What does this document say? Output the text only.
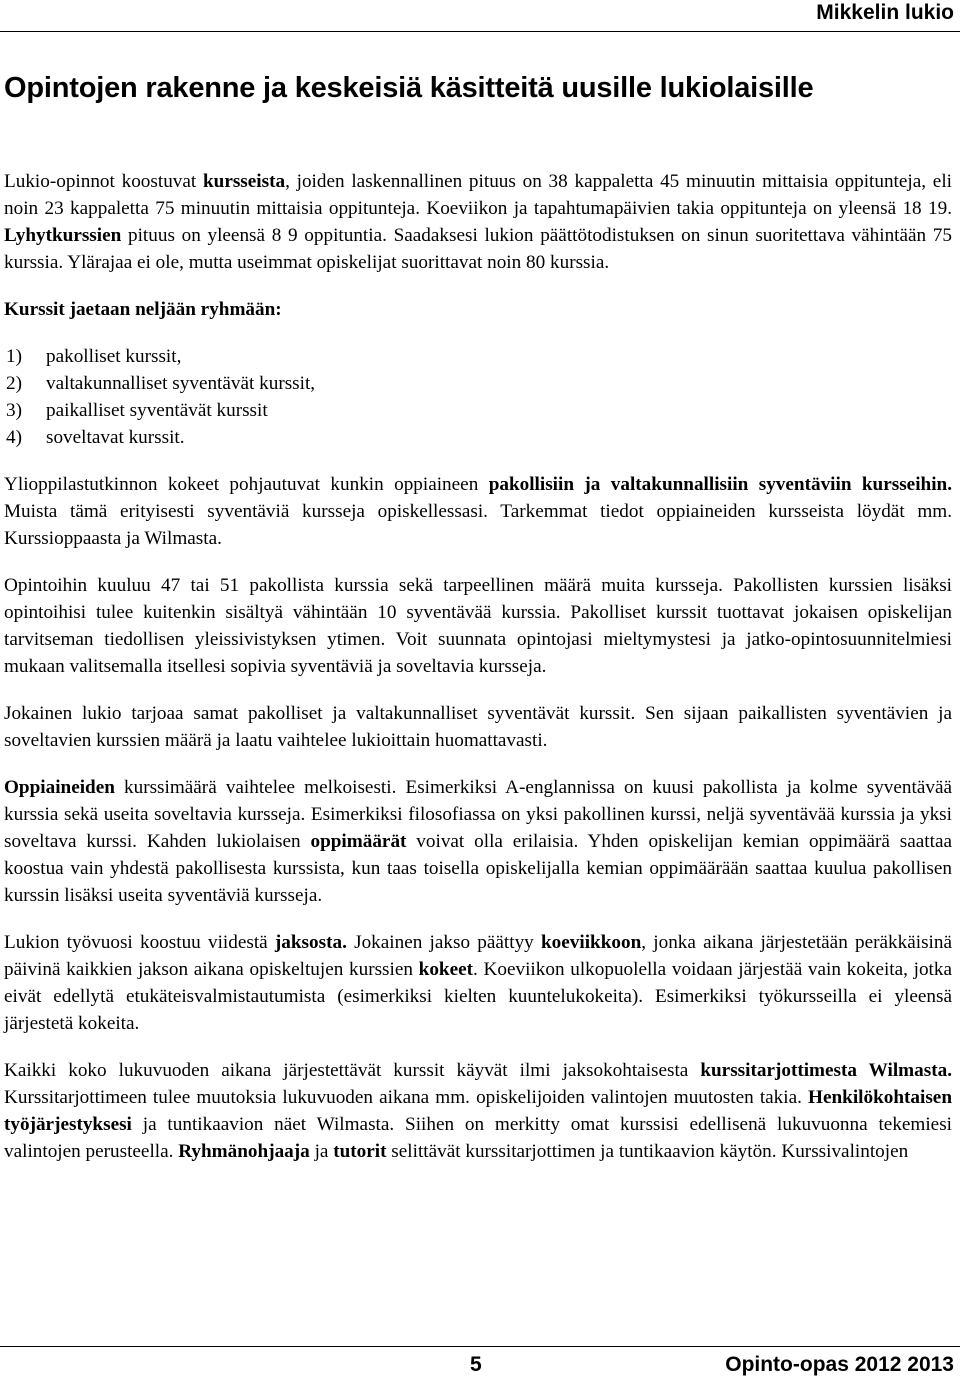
Mikkelin lukio
Opintojen rakenne ja keskeisiä käsitteitä uusille lukiolaisille

Lukio-opinnot koostuvat kursseista, joiden laskennallinen pituus on 38 kappaletta 45 minuutin mittaisia oppitunteja, eli noin 23 kappaletta 75 minuutin mittaisia oppitunteja. Koeviikon ja tapahtumapäivien takia oppitunteja on yleensä 18 19. Lyhytkurssien pituus on yleensä 8 9 oppituntia. Saadaksesi lukion päättötodistuksen on sinun suoritettava vähintään 75 kurssia. Ylärajaa ei ole, mutta useimmat opiskelijat suorittavat noin 80 kurssia.

Kurssit jaetaan neljään ryhmään:

1) pakolliset kurssit,
2) valtakunnalliset syventävät kurssit,
3) paikalliset syventävät kurssit
4) soveltavat kurssit.

Ylioppilastutkinnon kokeet pohjautuvat kunkin oppiaineen pakollisiin ja valtakunnallisiin syventäviin kursseihin. Muista tämä erityisesti syventäviä kursseja opiskellessasi. Tarkemmat tiedot oppiaineiden kursseista löydät mm. Kurssioppaasta ja Wilmasta.

Opintoihin kuuluu 47 tai 51 pakollista kurssia sekä tarpeellinen määrä muita kursseja. Pakollisten kurssien lisäksi opintoihisi tulee kuitenkin sisältyä vähintään 10 syventävää kurssia. Pakolliset kurssit tuottavat jokaisen opiskelijan tarvitseman tiedollisen yleissivistyksen ytimen. Voit suunnata opintojasi mieltymystesi ja jatko-opintosuunnitelmiesi mukaan valitsemalla itsellesi sopivia syventäviä ja soveltavia kursseja.

Jokainen lukio tarjoaa samat pakolliset ja valtakunnalliset syventävät kurssit. Sen sijaan paikallisten syventävien ja soveltavien kurssien määrä ja laatu vaihtelee lukioittain huomattavasti.

Oppiaineiden kurssimäärä vaihtelee melkoisesti. Esimerkiksi A-englannissa on kuusi pakollista ja kolme syventävää kurssia sekä useita soveltavia kursseja. Esimerkiksi filosofiassa on yksi pakollinen kurssi, neljä syventävää kurssia ja yksi soveltava kurssi. Kahden lukiolaisen oppimäärät voivat olla erilaisia. Yhden opiskelijan kemian oppimäärä saattaa koostua vain yhdestä pakollisesta kurssista, kun taas toisella opiskelijalla kemian oppimäärään saattaa kuulua pakollisen kurssin lisäksi useita syventäviä kursseja.

Lukion työvuosi koostuu viidestä jaksosta. Jokainen jakso päättyy koeviikkoon, jonka aikana järjestetään peräkkäisinä päivinä kaikkien jakson aikana opiskeltujen kurssien kokeet. Koeviikon ulkopuolella voidaan järjestää vain kokeita, jotka eivät edellytä etukäteisvalmistautumista (esimerkiksi kielten kuuntelukokeita). Esimerkiksi työkursseilla ei yleensä järjestetä kokeita.

Kaikki koko lukuvuoden aikana järjestettävät kurssit käyvät ilmi jaksokohtaisesta kurssitarjottimesta Wilmasta. Kurssitarjottimeen tulee muutoksia lukuvuoden aikana mm. opiskelijoiden valintojen muutosten takia. Henkilökohtaisen työjärjestyksesi ja tuntikaavion näet Wilmasta. Siihen on merkitty omat kurssisi edellisenä lukuvuonna tekemiesi valintojen perusteella. Ryhmänohjaaja ja tutorit selittävät kurssitarjottimen ja tuntikaavion käytön. Kurssivalintojen

5	Opinto-opas 2012 2013
